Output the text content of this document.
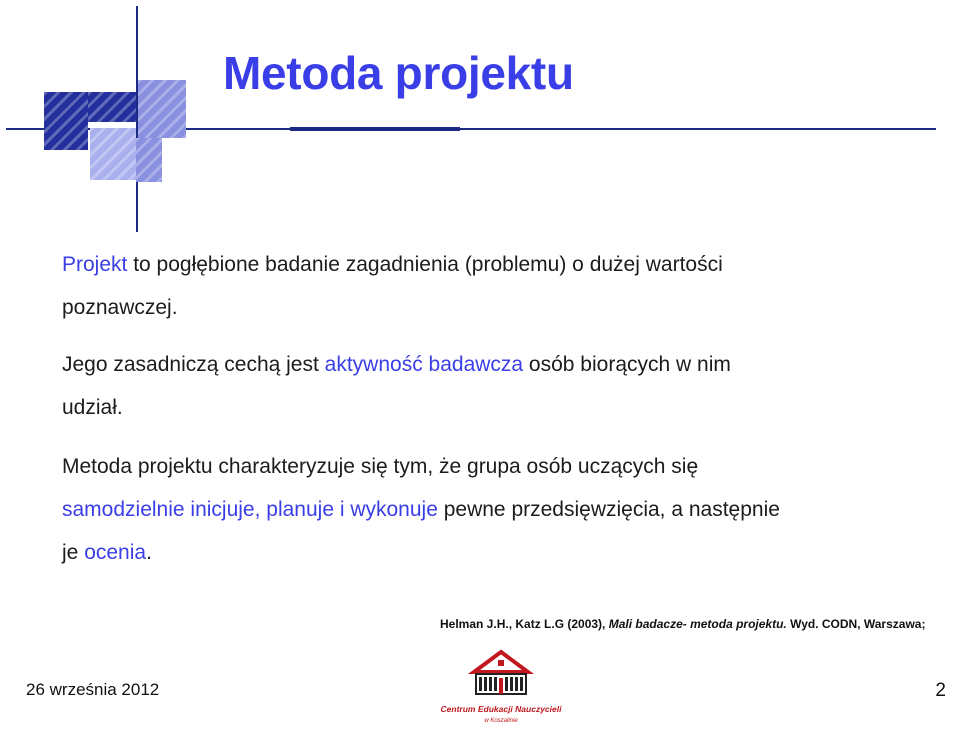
Metoda projektu
Projekt to pogłębione badanie zagadnienia (problemu) o dużej wartości
poznawczej.
Jego zasadniczą cechą jest aktywność badawcza osób biorących w nim
udział.
Metoda projektu charakteryzuje się tym, że grupa osób uczących się
samodzielnie inicjuje, planuje i wykonuje pewne przedsięwzięcia, a następnie
je ocenia.
Helman J.H., Katz L.G (2003), Mali badacze- metoda projektu. Wyd. CODN, Warszawa;
26 września 2012	2
Centrum Edukacji Nauczycieli
w Koszalinie
